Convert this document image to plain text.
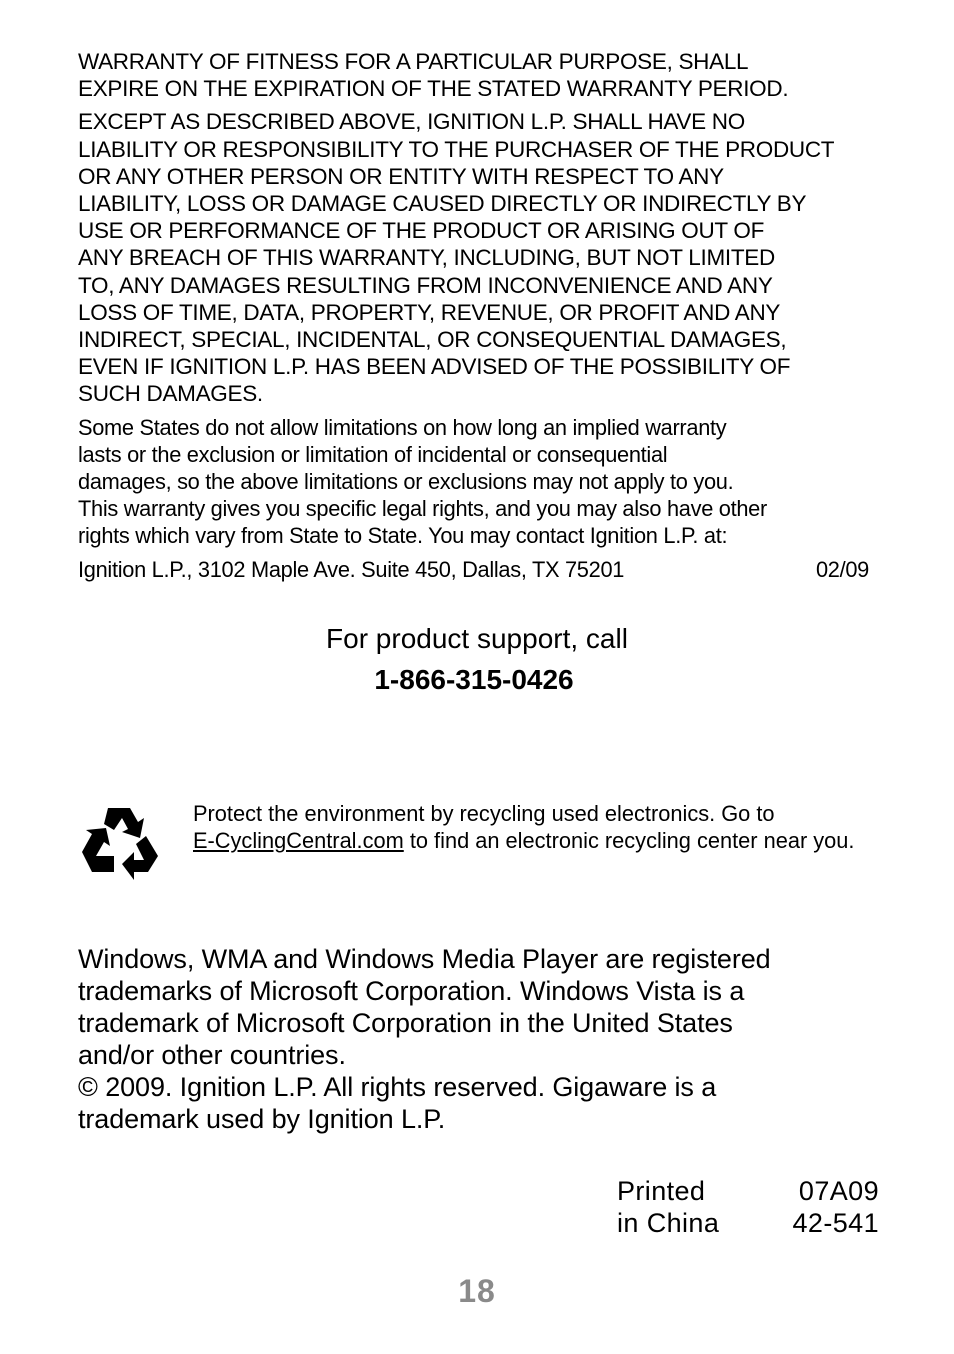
WARRANTY OF FITNESS FOR A PARTICULAR PURPOSE, SHALL
EXPIRE ON THE EXPIRATION OF THE STATED WARRANTY PERIOD.

EXCEPT AS DESCRIBED ABOVE, IGNITION L.P. SHALL HAVE NO
LIABILITY OR RESPONSIBILITY TO THE PURCHASER OF THE PRODUCT
OR ANY OTHER PERSON OR ENTITY WITH RESPECT TO ANY
LIABILITY, LOSS OR DAMAGE CAUSED DIRECTLY OR INDIRECTLY BY
USE OR PERFORMANCE OF THE PRODUCT OR ARISING OUT OF
ANY BREACH OF THIS WARRANTY, INCLUDING, BUT NOT LIMITED
TO, ANY DAMAGES RESULTING FROM INCONVENIENCE AND ANY
LOSS OF TIME, DATA, PROPERTY, REVENUE, OR PROFIT AND ANY
INDIRECT, SPECIAL, INCIDENTAL, OR CONSEQUENTIAL DAMAGES,
EVEN IF IGNITION L.P. HAS BEEN ADVISED OF THE POSSIBILITY OF
SUCH DAMAGES.

Some States do not allow limitations on how long an implied warranty
lasts or the exclusion or limitation of incidental or consequential
damages, so the above limitations or exclusions may not apply to you.
This warranty gives you specific legal rights, and you may also have other
rights which vary from State to State. You may contact Ignition L.P. at:

Ignition L.P., 3102 Maple Ave. Suite 450, Dallas, TX 75201	02/09
For product support, call
1-866-315-0426

Protect the environment by recycling used electronics. Go to
E-CyclingCentral.com to find an electronic recycling center near you.

Windows, WMA and Windows Media Player are registered
trademarks of Microsoft Corporation. Windows Vista is a
trademark of Microsoft Corporation in the United States
and/or other countries.

© 2009. Ignition L.P. All rights reserved. Gigaware is a
trademark used by Ignition L.P.

Printed	07A09
in China	42-541
18
